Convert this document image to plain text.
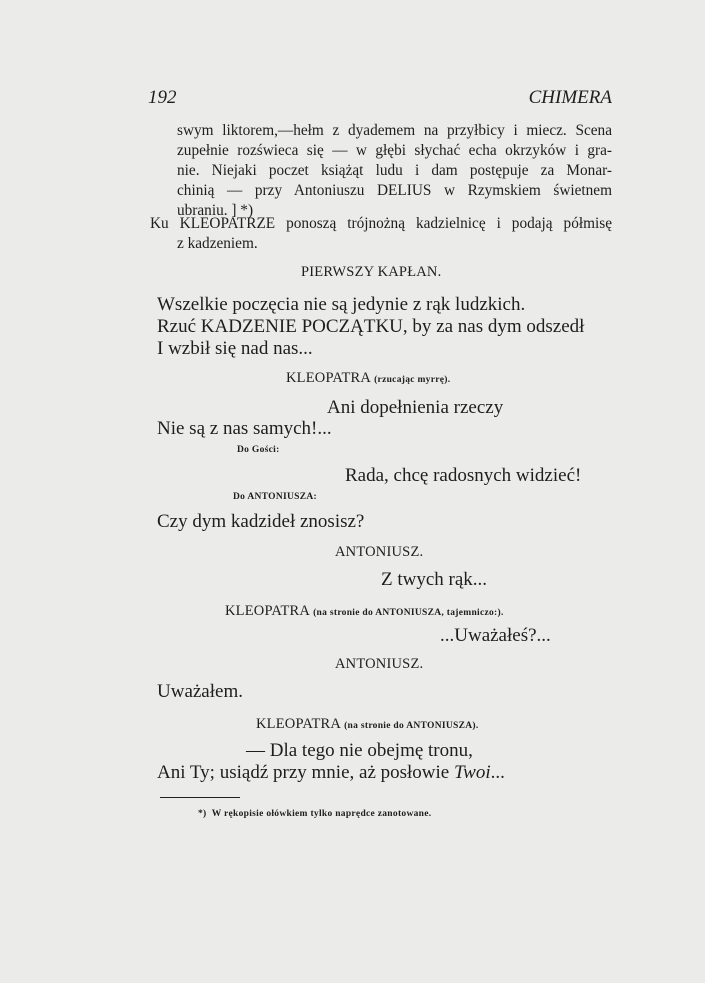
192	CHIMERA
swym liktorem,—hełm z dyademem na przyłbicy i miecz. Scena
zupełnie rozświeca się — w głębi słychać echa okrzyków i gra-
nie. Niejaki poczet książąt ludu i dam postępuje za Monar-
chinią — przy Antoniuszu DELIUS w Rzymskiem świetnem
ubraniu. ] *)
Ku KLEOPATRZE ponoszą trójnożną kadzielnicę i podają półmisę
z kadzeniem.
PIERWSZY KAPŁAN.
Wszelkie poczęcia nie są jedynie z rąk ludzkich.
Rzuć KADZENIE POCZĄTKU, by za nas dym odszedł
I wzbił się nad nas...
KLEOPATRA (rzucając myrrę).
Ani dopełnienia rzeczy
Nie są z nas samych!...
Do Gości:
Rada, chcę radosnych widzieć!
Do ANTONIUSZA:
Czy dym kadzideł znosisz?
ANTONIUSZ.
Z twych rąk...
KLEOPATRA (na stronie do ANTONIUSZA, tajemniczo:).
...Uważałeś?...
ANTONIUSZ.
Uważałem.
KLEOPATRA (na stronie do ANTONIUSZA).
— Dla tego nie obejmę tronu,
Ani Ty; usiądź przy mnie, aż posłowie Twoi...
*)  W rękopisie ołówkiem tylko naprędce zanotowane.
